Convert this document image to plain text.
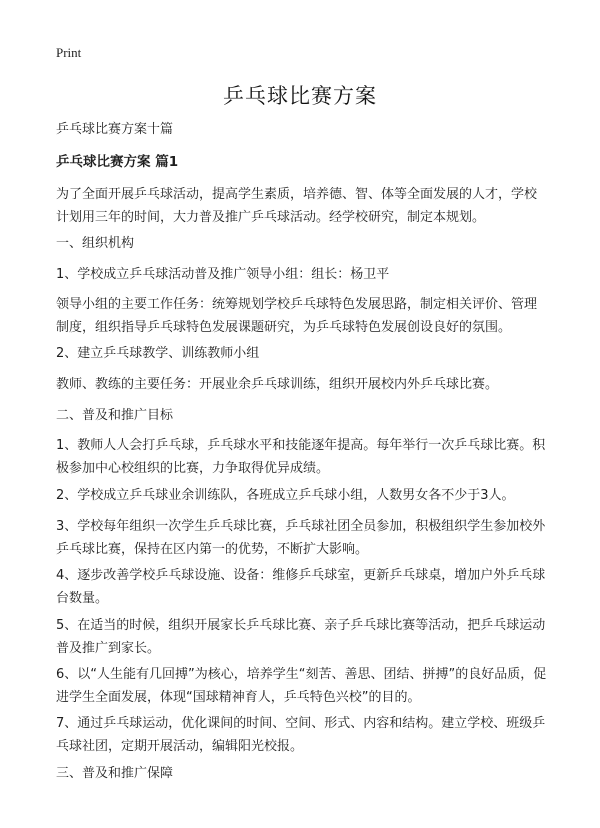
Print
乒乓球比赛方案

乒乓球比赛方案十篇

乒乓球比赛方案 篇1

为了全面开展乒乓球活动，提高学生素质，培养德、智、体等全面发展的人才，学校计划用三年的时间，大力普及推广乒乓球活动。经学校研究，制定本规划。

一、组织机构

1、学校成立乒乓球活动普及推广领导小组：组长：杨卫平

领导小组的主要工作任务：统筹规划学校乒乓球特色发展思路，制定相关评价、管理制度，组织指导乒乓球特色发展课题研究，为乒乓球特色发展创设良好的氛围。

2、建立乒乓球教学、训练教师小组

教师、教练的主要任务：开展业余乒乓球训练，组织开展校内外乒乓球比赛。

二、普及和推广目标

1、教师人人会打乒乓球，乒乓球水平和技能逐年提高。每年举行一次乒乓球比赛。积极参加中心校组织的比赛，力争取得优异成绩。

2、学校成立乒乓球业余训练队，各班成立乒乓球小组，人数男女各不少于3人。

3、学校每年组织一次学生乒乓球比赛，乒乓球社团全员参加，积极组织学生参加校外乒乓球比赛，保持在区内第一的优势，不断扩大影响。

4、逐步改善学校乒乓球设施、设备：维修乒乓球室，更新乒乓球桌，增加户外乒乓球台数量。

5、在适当的时候，组织开展家长乒乓球比赛、亲子乒乓球比赛等活动，把乒乓球运动普及推广到家长。

6、以“人生能有几回搏”为核心，培养学生“刻苦、善思、团结、拼搏”的良好品质，促进学生全面发展，体现“国球精神育人，乒乓特色兴校”的目的。

7、通过乒乓球运动，优化课间的时间、空间、形式、内容和结构。建立学校、班级乒乓球社团，定期开展活动，编辑阳光校报。

三、普及和推广保障
